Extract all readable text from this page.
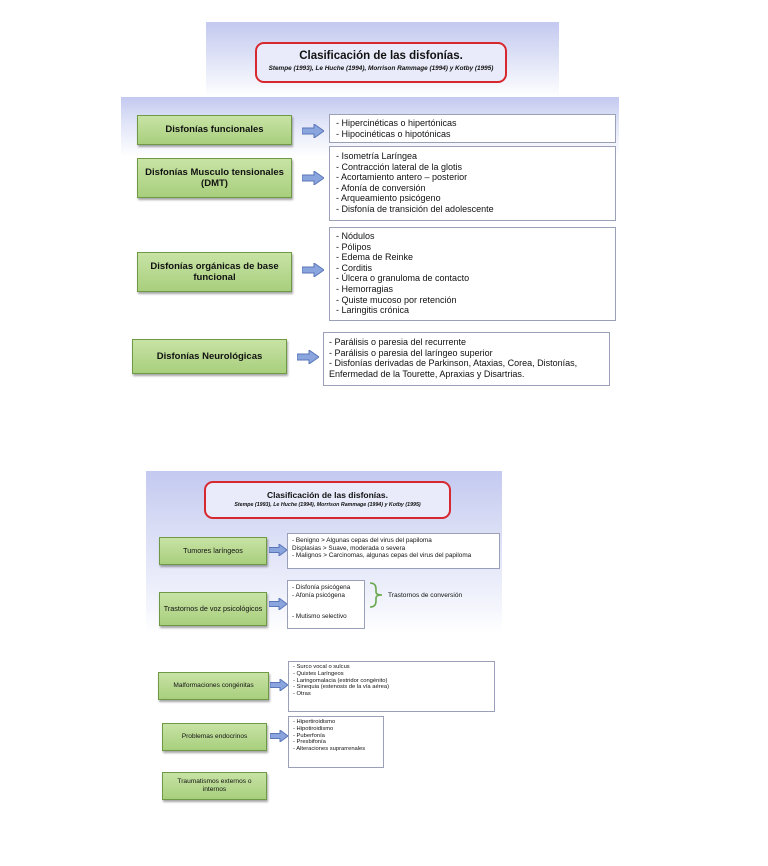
Clasificación de las disfonías.
Stempe (1993), Le Huche (1994), Morrison Rammage (1994) y Kotby (1995)
Disfonías funcionales
- Hipercinéticas o hipertónicas
- Hipocinéticas o hipotónicas
Disfonías Musculo tensionales (DMT)
- Isometría Laríngea
- Contracción lateral de la glotis
- Acortamiento antero – posterior
- Afonía de conversión
- Arqueamiento psicógeno
- Disfonía de transición del adolescente
Disfonías orgánicas de base funcional
- Nódulos
- Pólipos
- Edema de Reinke
- Corditis
- Úlcera o granuloma de contacto
- Hemorragias
- Quiste mucoso por retención
- Laringitis crónica
Disfonías Neurológicas
- Parálisis o paresia del recurrente
- Parálisis o paresia del laríngeo superior
- Disfonías derivadas de Parkinson, Ataxias, Corea, Distonías,
Enfermedad de la Tourette, Apraxias y Disartrias.
Clasificación de las disfonías.
Stempe (1993), Le Huche (1994), Morrison Rammage (1994) y Kotby (1995)
Tumores laríngeos
- Benigno > Algunas cepas del virus del papiloma
Displasias > Suave, moderada o severa
- Malignos > Carcinomas, algunas cepas del virus del papiloma
Trastornos de voz psicológicos
- Disfonía psicógena
- Afonía psicógena
- Mutismo selectivo
Trastornos de conversión
Malformaciones congénitas
- Surco vocal o sulcus
- Quistes Laríngeos
- Laringomalacia (estridor congénito)
- Sinequia (estenosis de la vía aérea)
- Otras
Problemas endocrinos
- Hipertiroidismo
- Hipotiroidismo
- Puberfonía
- Presbifonía
- Alteraciones suprarrenales
Traumatismos externos o internos
